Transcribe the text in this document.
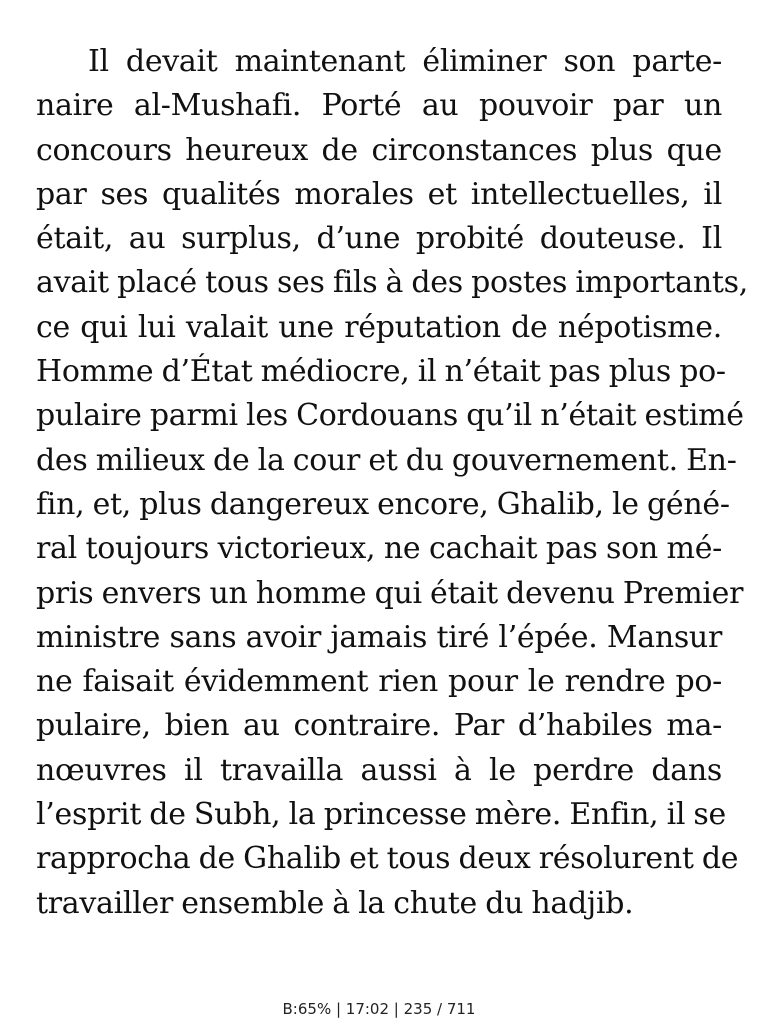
Il devait maintenant éliminer son parte-
naire al-Mushafi. Porté au pouvoir par un
concours heureux de circonstances plus que
par ses qualités morales et intellectuelles, il
était, au surplus, d’une probité douteuse. Il
avait placé tous ses fils à des postes importants,
ce qui lui valait une réputation de népotisme.
Homme d’État médiocre, il n’était pas plus po-
pulaire parmi les Cordouans qu’il n’était estimé
des milieux de la cour et du gouvernement. En-
fin, et, plus dangereux encore, Ghalib, le géné-
ral toujours victorieux, ne cachait pas son mé-
pris envers un homme qui était devenu Premier
ministre sans avoir jamais tiré l’épée. Mansur
ne faisait évidemment rien pour le rendre po-
pulaire, bien au contraire. Par d’habiles ma-
nœuvres il travailla aussi à le perdre dans
l’esprit de Subh, la princesse mère. Enfin, il se
rapprocha de Ghalib et tous deux résolurent de
travailler ensemble à la chute du hadjib.
B:65% | 17:02 | 235 / 711
